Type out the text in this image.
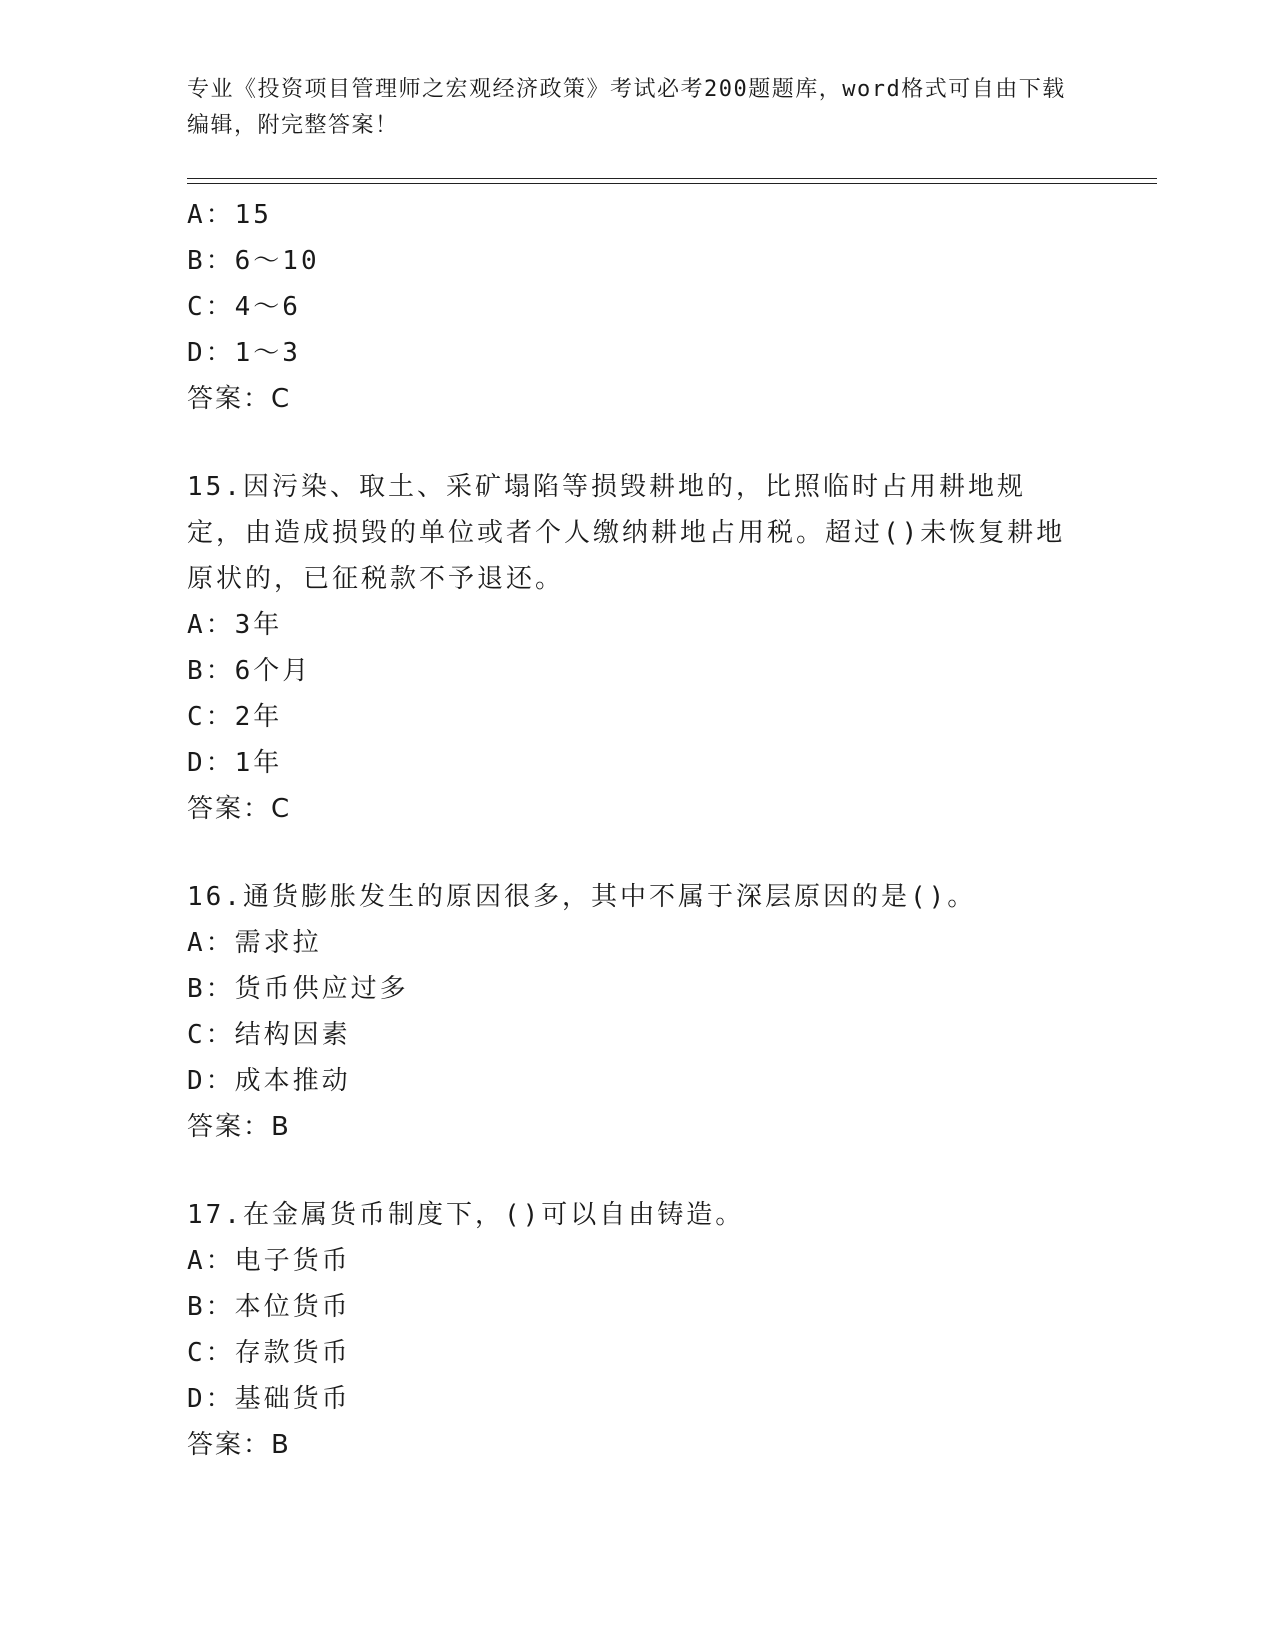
专业《投资项目管理师之宏观经济政策》考试必考200题题库，word格式可自由下载编辑，附完整答案！
A：15
B：6～10
C：4～6
D：1～3
答案：C
15.因污染、取土、采矿塌陷等损毁耕地的，比照临时占用耕地规定，由造成损毁的单位或者个人缴纳耕地占用税。超过()未恢复耕地原状的，已征税款不予退还。
A：3年
B：6个月
C：2年
D：1年
答案：C
16.通货膨胀发生的原因很多，其中不属于深层原因的是()。
A：需求拉
B：货币供应过多
C：结构因素
D：成本推动
答案：B
17.在金属货币制度下，()可以自由铸造。
A：电子货币
B：本位货币
C：存款货币
D：基础货币
答案：B
